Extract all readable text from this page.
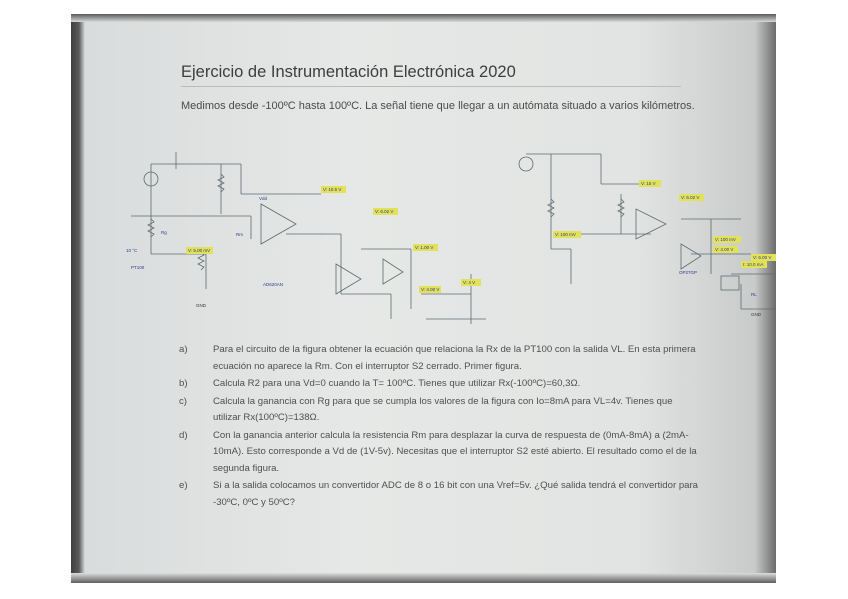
Ejercicio de Instrumentación Electrónica 2020
Medimos desde -100ºC hasta 100ºC. La señal tiene que llegar a un autómata situado a varios kilómetros.
V: 10.5 V
V: 6.02 V
V: 5.00 mV
V: 1.00 V
V: 4 V
V: 4.00 V
PT100
10 °C
Rg	Rm
Vdd
AD620AN
GND
V: 15 V
V: 6.02 V
V: 100 mV
V: 100 mV
V: 4.00 V
I: 10.0 mA
V: 6.00 V
OP27GP
RL
GND
a)	Para el circuito de la figura obtener la ecuación que relaciona la Rx de la PT100 con la salida VL. En esta primera ecuación no aparece la Rm. Con el interruptor S2 cerrado. Primer figura.
b)	Calcula R2 para una Vd=0 cuando la T= 100ºC. Tienes que utilizar Rx(-100ºC)=60,3Ω.
c)	Calcula la ganancia con Rg para que se cumpla los valores de la figura con Io=8mA para VL=4v. Tienes que utilizar Rx(100ºC)=138Ω.
d)	Con la ganancia anterior calcula la resistencia Rm para desplazar la curva de respuesta de (0mA-8mA) a (2mA-10mA). Esto corresponde a Vd de (1V-5v). Necesitas que el interruptor S2 esté abierto. El resultado como el de la segunda figura.
e)	Si a la salida colocamos un convertidor ADC de 8 o 16 bit con una Vref=5v. ¿Qué salida tendrá el convertidor para -30ºC, 0ºC y 50ºC?
